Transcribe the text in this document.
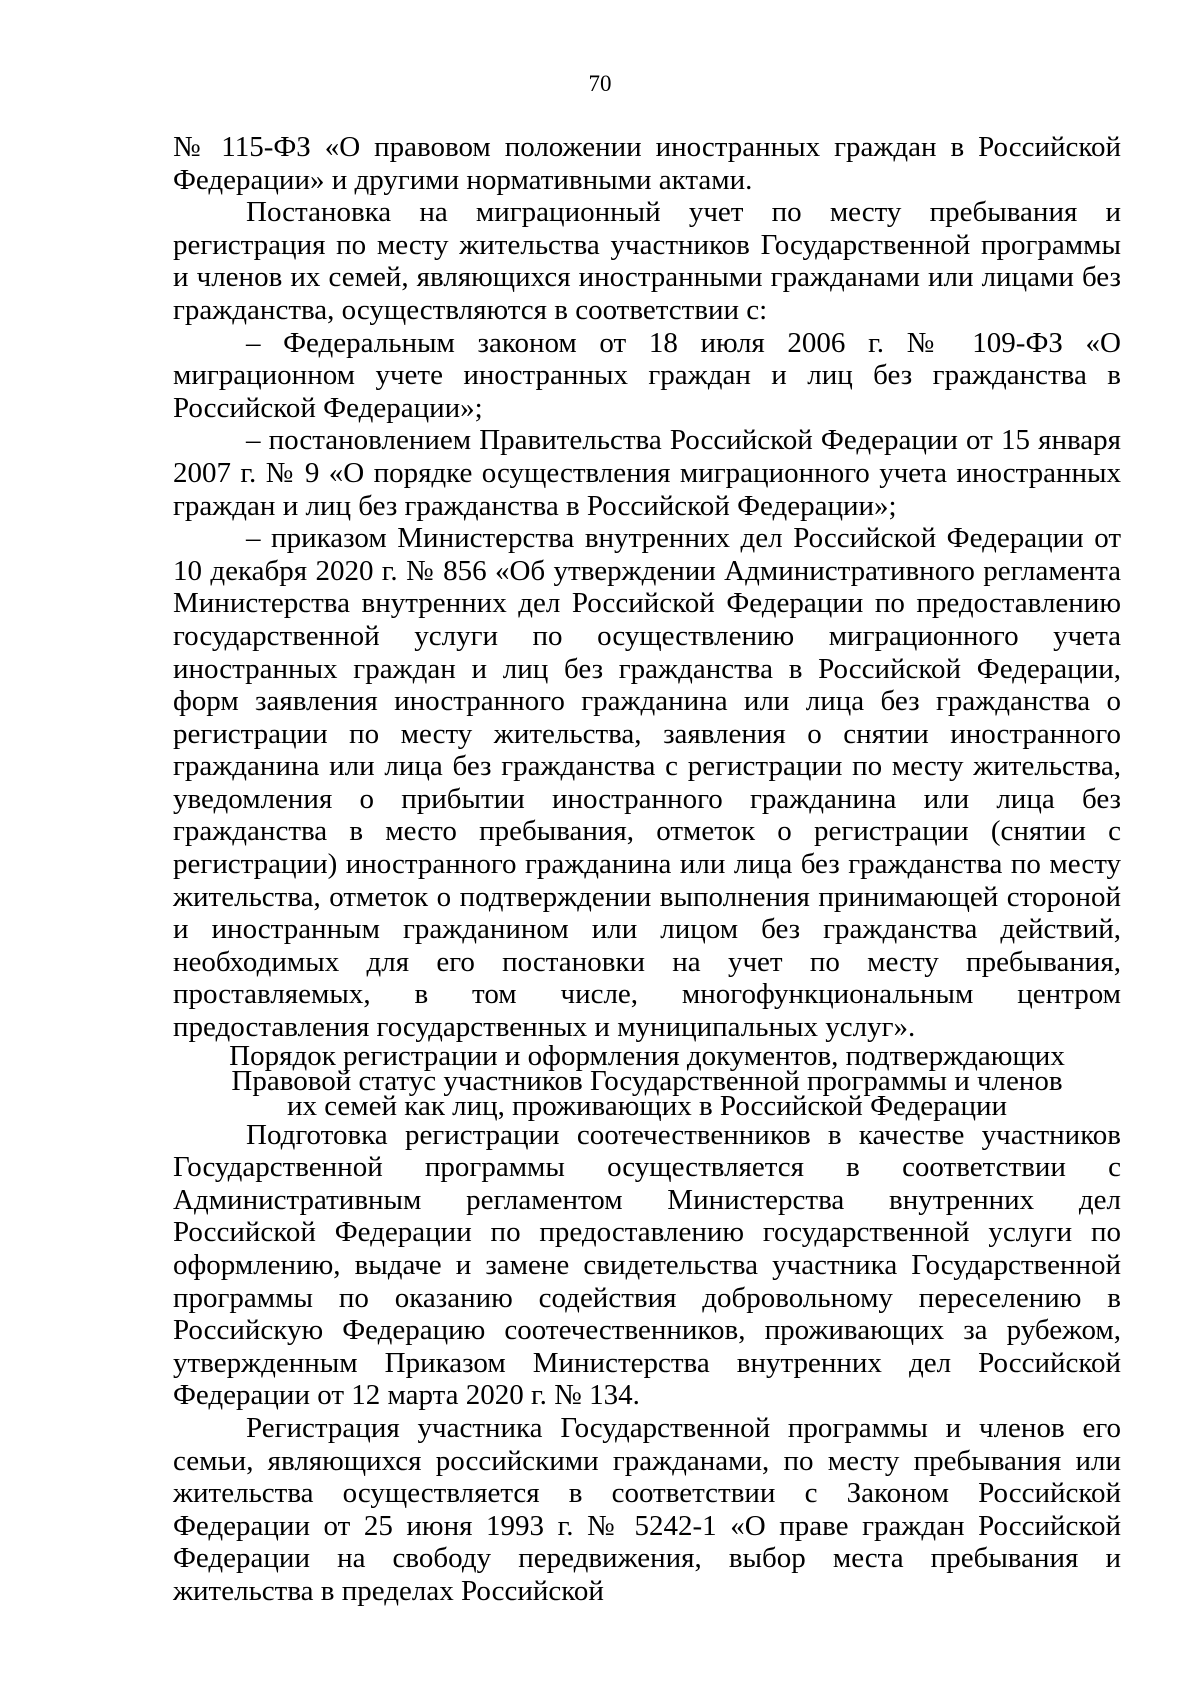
70

№ 115-ФЗ «О правовом положении иностранных граждан в Российской Федерации» и другими нормативными актами.

Постановка на миграционный учет по месту пребывания и регистрация по месту жительства участников Государственной программы и членов их семей, являющихся иностранными гражданами или лицами без гражданства, осуществляются в соответствии с:

– Федеральным законом от 18 июля 2006 г. № 109-ФЗ «О миграционном учете иностранных граждан и лиц без гражданства в Российской Федерации»;

– постановлением Правительства Российской Федерации от 15 января 2007 г. № 9 «О порядке осуществления миграционного учета иностранных граждан и лиц без гражданства в Российской Федерации»;

– приказом Министерства внутренних дел Российской Федерации от 10 декабря 2020 г. № 856 «Об утверждении Административного регламента Министерства внутренних дел Российской Федерации по предоставлению государственной услуги по осуществлению миграционного учета иностранных граждан и лиц без гражданства в Российской Федерации, форм заявления иностранного гражданина или лица без гражданства о регистрации по месту жительства, заявления о снятии иностранного гражданина или лица без гражданства с регистрации по месту жительства, уведомления о прибытии иностранного гражданина или лица без гражданства в место пребывания, отметок о регистрации (снятии с регистрации) иностранного гражданина или лица без гражданства по месту жительства, отметок о подтверждении выполнения принимающей стороной и иностранным гражданином или лицом без гражданства действий, необходимых для его постановки на учет по месту пребывания, проставляемых, в том числе, многофункциональным центром предоставления государственных и муниципальных услуг».

Порядок регистрации и оформления документов, подтверждающих Правовой статус участников Государственной программы и членов их семей как лиц, проживающих в Российской Федерации

Подготовка регистрации соотечественников в качестве участников Государственной программы осуществляется в соответствии с Административным регламентом Министерства внутренних дел Российской Федерации по предоставлению государственной услуги по оформлению, выдаче и замене свидетельства участника Государственной программы по оказанию содействия добровольному переселению в Российскую Федерацию соотечественников, проживающих за рубежом, утвержденным Приказом Министерства внутренних дел Российской Федерации от 12 марта 2020 г. № 134.

Регистрация участника Государственной программы и членов его семьи, являющихся российскими гражданами, по месту пребывания или жительства осуществляется в соответствии с Законом Российской Федерации от 25 июня 1993 г. № 5242-1 «О праве граждан Российской Федерации на свободу передвижения, выбор места пребывания и жительства в пределах Российской
